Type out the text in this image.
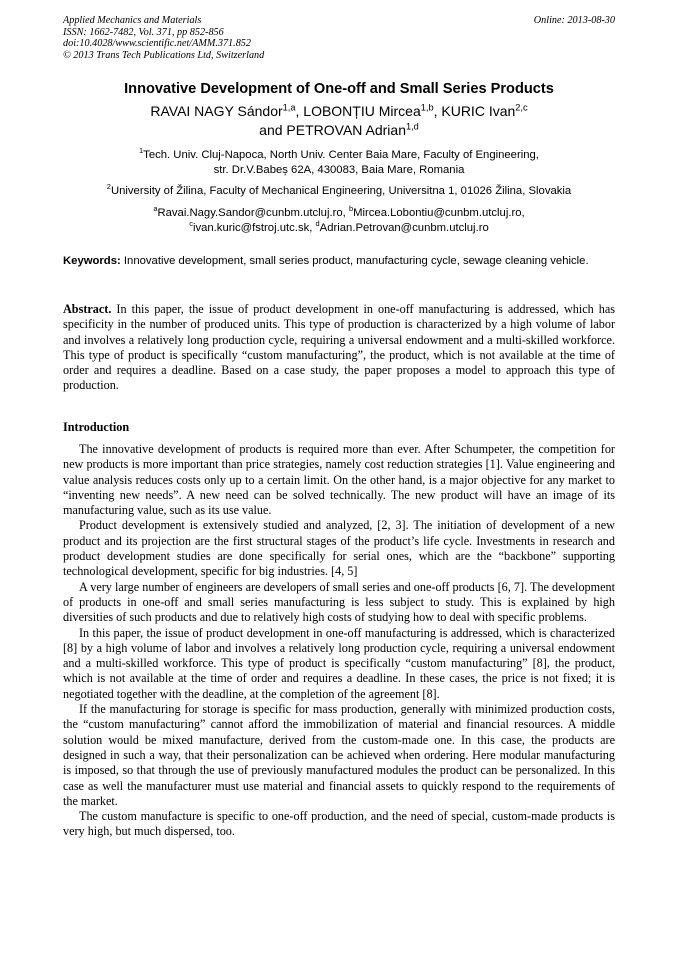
Applied Mechanics and Materials
ISSN: 1662-7482, Vol. 371, pp 852-856
doi:10.4028/www.scientific.net/AMM.371.852
© 2013 Trans Tech Publications Ltd, Switzerland
Online: 2013-08-30
Innovative Development of One-off and Small Series Products
RAVAI NAGY Sándor$^{1,a}$, LOBONȚIU Mircea$^{1,b}$, KURIC Ivan$^{2,c}$
and PETROVAN Adrian$^{1,d}$
$^1$Tech. Univ. Cluj-Napoca, North Univ. Center Baia Mare, Faculty of Engineering,
str. Dr.V.Babeș 62A, 430083, Baia Mare, Romania
$^2$University of Žilina, Faculty of Mechanical Engineering, Universitna 1, 01026 Žilina, Slovakia
$^a$Ravai.Nagy.Sandor@cunbm.utcluj.ro, $^b$Mircea.Lobontiu@cunbm.utcluj.ro,
$^c$ivan.kuric@fstroj.utc.sk, $^d$Adrian.Petrovan@cunbm.utcluj.ro
Keywords: Innovative development, small series product, manufacturing cycle, sewage cleaning vehicle.

Abstract. In this paper, the issue of product development in one-off manufacturing is addressed, which has specificity in the number of produced units. This type of production is characterized by a high volume of labor and involves a relatively long production cycle, requiring a universal endowment and a multi-skilled workforce. This type of product is specifically “custom manufacturing”, the product, which is not available at the time of order and requires a deadline. Based on a case study, the paper proposes a model to approach this type of production.

Introduction

The innovative development of products is required more than ever. After Schumpeter, the competition for new products is more important than price strategies, namely cost reduction strategies [1]. Value engineering and value analysis reduces costs only up to a certain limit. On the other hand, is a major objective for any market to “inventing new needs”. A new need can be solved technically. The new product will have an image of its manufacturing value, such as its use value.

Product development is extensively studied and analyzed, [2, 3]. The initiation of development of a new product and its projection are the first structural stages of the product’s life cycle. Investments in research and product development studies are done specifically for serial ones, which are the “backbone” supporting technological development, specific for big industries. [4, 5]

A very large number of engineers are developers of small series and one-off products [6, 7]. The development of products in one-off and small series manufacturing is less subject to study. This is explained by high diversities of such products and due to relatively high costs of studying how to deal with specific problems.

In this paper, the issue of product development in one-off manufacturing is addressed, which is characterized [8] by a high volume of labor and involves a relatively long production cycle, requiring a universal endowment and a multi-skilled workforce. This type of product is specifically “custom manufacturing” [8], the product, which is not available at the time of order and requires a deadline. In these cases, the price is not fixed; it is negotiated together with the deadline, at the completion of the agreement [8].

If the manufacturing for storage is specific for mass production, generally with minimized production costs, the “custom manufacturing” cannot afford the immobilization of material and financial resources. A middle solution would be mixed manufacture, derived from the custom-made one. In this case, the products are designed in such a way, that their personalization can be achieved when ordering. Here modular manufacturing is imposed, so that through the use of previously manufactured modules the product can be personalized. In this case as well the manufacturer must use material and financial assets to quickly respond to the requirements of the market.

The custom manufacture is specific to one-off production, and the need of special, custom-made products is very high, but much dispersed, too.
